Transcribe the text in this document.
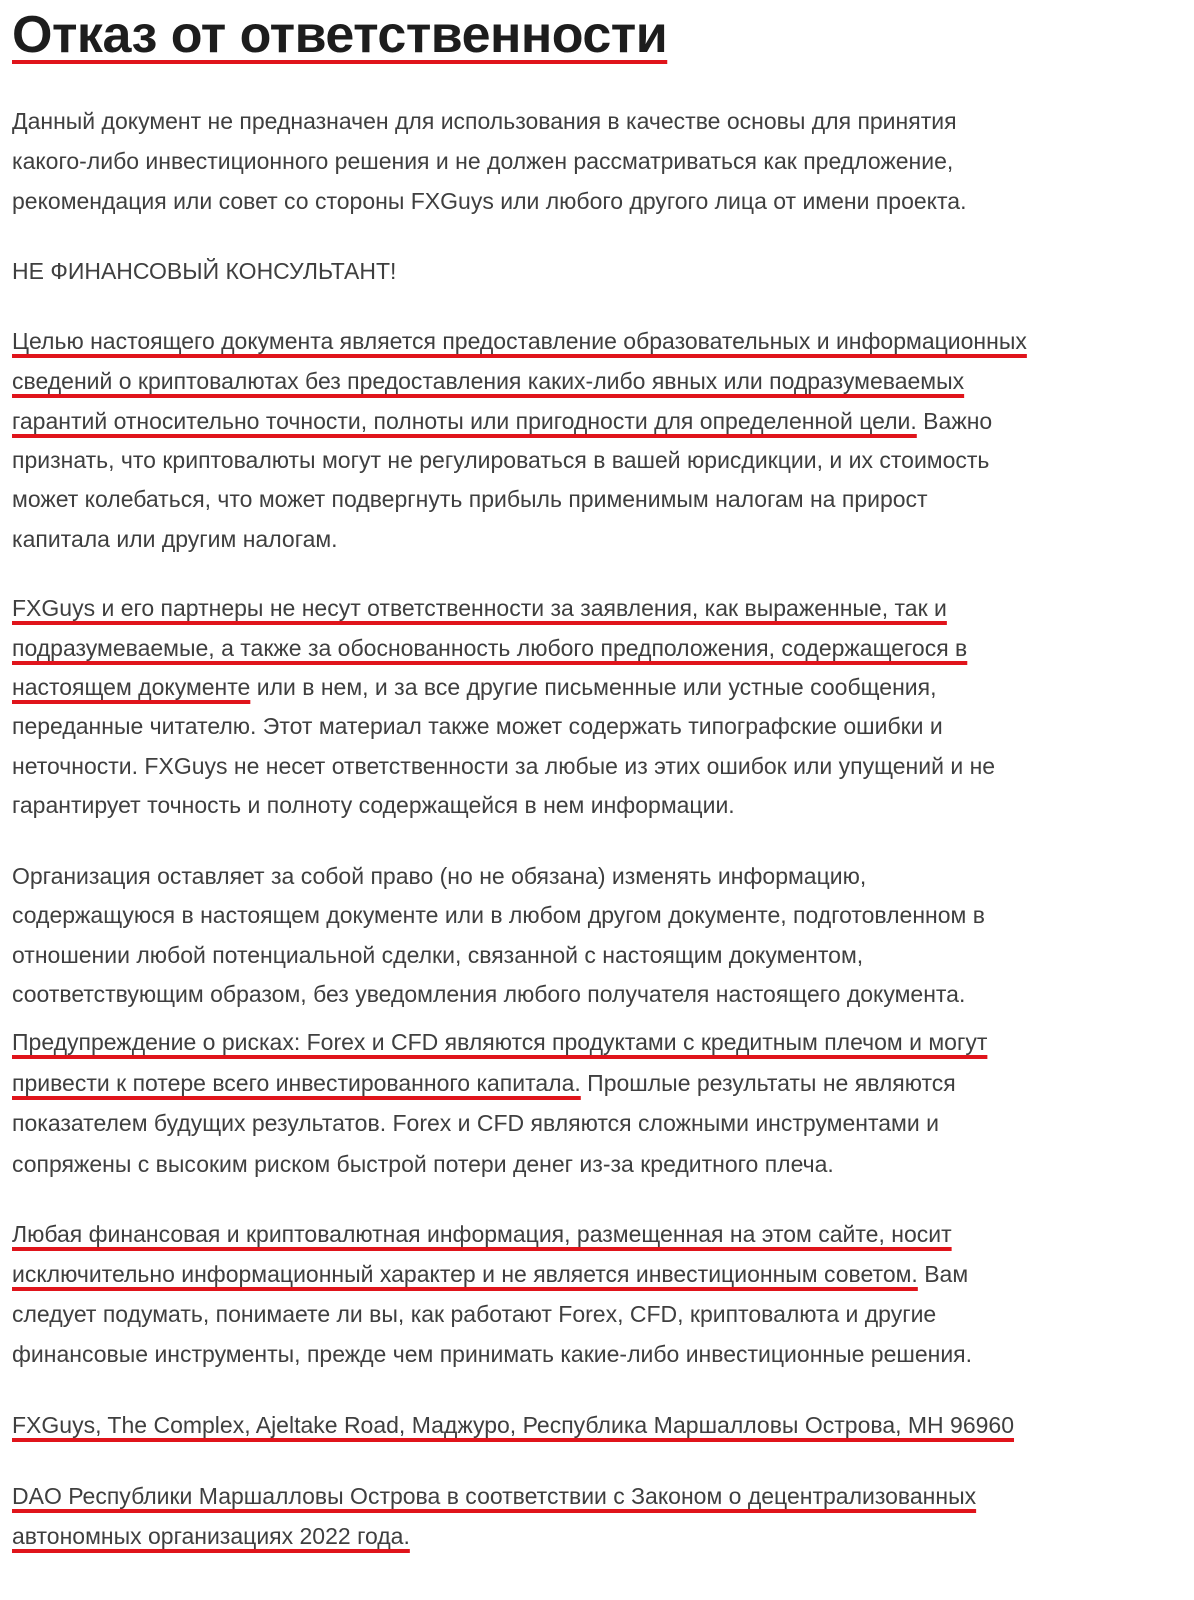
Отказ от ответственности
Данный документ не предназначен для использования в качестве основы для принятия
какого-либо инвестиционного решения и не должен рассматриваться как предложение,
рекомендация или совет со стороны FXGuys или любого другого лица от имени проекта.
НЕ ФИНАНСОВЫЙ КОНСУЛЬТАНТ!
Целью настоящего документа является предоставление образовательных и информационных
сведений о криптовалютах без предоставления каких-либо явных или подразумеваемых
гарантий относительно точности, полноты или пригодности для определенной цели. Важно
признать, что криптовалюты могут не регулироваться в вашей юрисдикции, и их стоимость
может колебаться, что может подвергнуть прибыль применимым налогам на прирост
капитала или другим налогам.
FXGuys и его партнеры не несут ответственности за заявления, как выраженные, так и
подразумеваемые, а также за обоснованность любого предположения, содержащегося в
настоящем документе или в нем, и за все другие письменные или устные сообщения,
переданные читателю. Этот материал также может содержать типографские ошибки и
неточности. FXGuys не несет ответственности за любые из этих ошибок или упущений и не
гарантирует точность и полноту содержащейся в нем информации.
Организация оставляет за собой право (но не обязана) изменять информацию,
содержащуюся в настоящем документе или в любом другом документе, подготовленном в
отношении любой потенциальной сделки, связанной с настоящим документом,
соответствующим образом, без уведомления любого получателя настоящего документа.
Предупреждение о рисках: Forex и CFD являются продуктами с кредитным плечом и могут
привести к потере всего инвестированного капитала. Прошлые результаты не являются
показателем будущих результатов. Forex и CFD являются сложными инструментами и
сопряжены с высоким риском быстрой потери денег из-за кредитного плеча.
Любая финансовая и криптовалютная информация, размещенная на этом сайте, носит
исключительно информационный характер и не является инвестиционным советом. Вам
следует подумать, понимаете ли вы, как работают Forex, CFD, криптовалюта и другие
финансовые инструменты, прежде чем принимать какие-либо инвестиционные решения.
FXGuys, The Complex, Ajeltake Road, Маджуро, Республика Маршалловы Острова, MH 96960
DAO Республики Маршалловы Острова в соответствии с Законом о децентрализованных
автономных организациях 2022 года.
